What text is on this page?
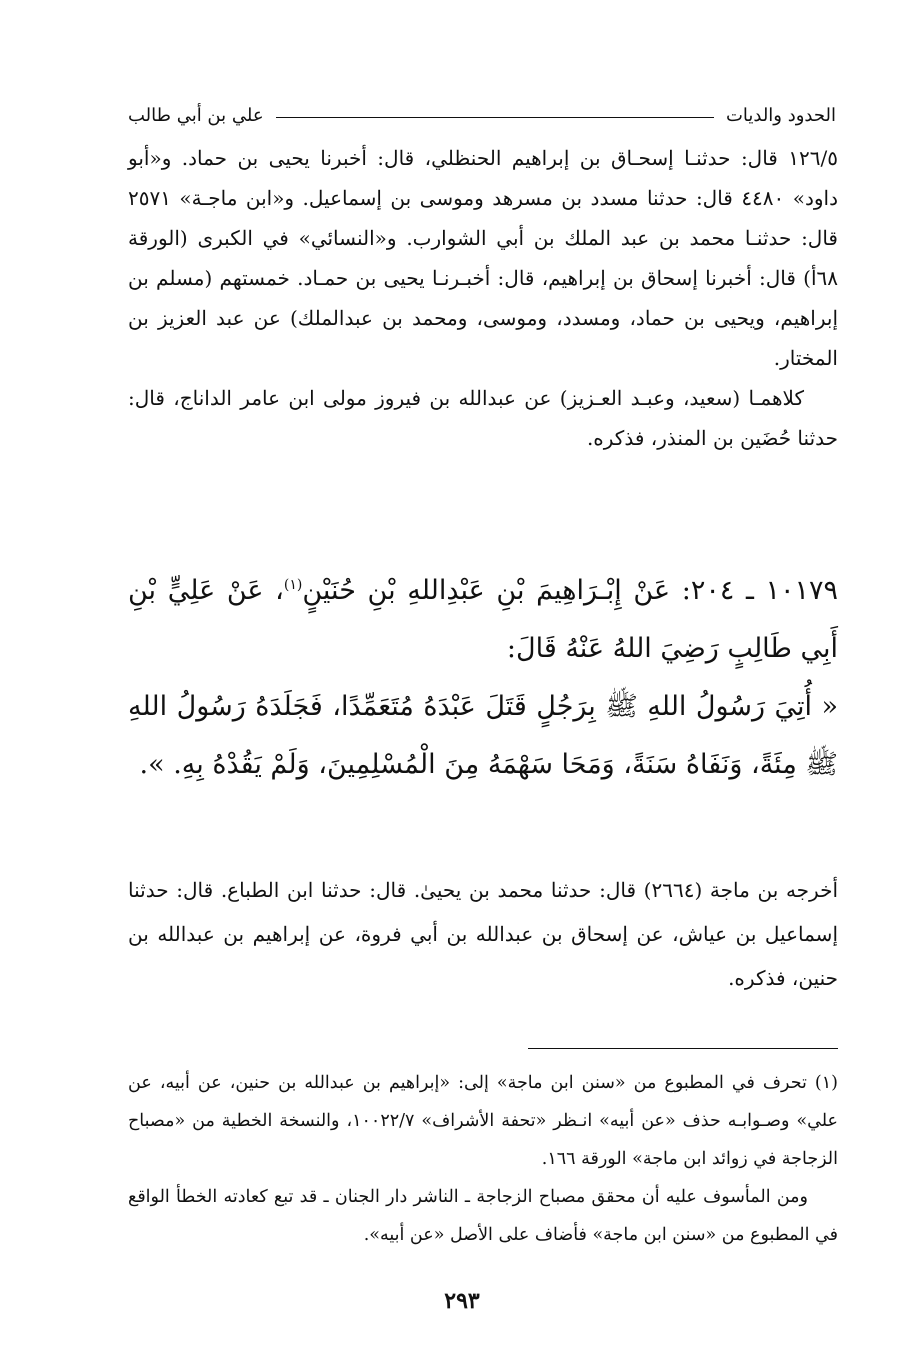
الحدود والديات
علي بن أبي طالب

١٢٦/٥ قال: حدثنـا إسحـاق بن إبراهيم الحنظلي، قال: أخبرنا يحيى بن حماد. و«أبو داود» ٤٤٨٠ قال: حدثنا مسدد بن مسرهد وموسى بن إسماعيل. و«ابن ماجـة» ٢٥٧١ قال: حدثنـا محمد بن عبد الملك بن أبي الشوارب. و«النسائي» في الكبرى (الورقة ٦٨أ) قال: أخبرنا إسحاق بن إبراهيم، قال: أخبـرنـا يحيى بن حمـاد. خمستهم (مسلم بن إبراهيم، ويحيى بن حماد، ومسدد، وموسى، ومحمد بن عبدالملك) عن عبد العزيز بن المختار.

كلاهمـا (سعيد، وعبـد العـزيز) عن عبدالله بن فيروز مولى ابن عامر الداناج، قال: حدثنا حُضَين بن المنذر، فذكره.

١٠١٧٩ ـ ٢٠٤: عَنْ إِبْـرَاهِيمَ بْنِ عَبْدِاللهِ بْنِ حُنَيْنٍ$^{(١)}$، عَنْ عَلِيٍّ بْنِ أَبِي طَالِبٍ رَضِيَ اللهُ عَنْهُ قَالَ:

« أُتِيَ رَسُولُ اللهِ ﷺ بِرَجُلٍ قَتَلَ عَبْدَهُ مُتَعَمِّدًا، فَجَلَدَهُ رَسُولُ اللهِ ﷺ مِئَةً، وَنَفَاهُ سَنَةً، وَمَحَا سَهْمَهُ مِنَ الْمُسْلِمِينَ، وَلَمْ يَقُدْهُ بِهِ. ».

أخرجه بن ماجة (٢٦٦٤) قال: حدثنا محمد بن يحيىٰ. قال: حدثنا ابن الطباع. قال: حدثنا إسماعيل بن عياش، عن إسحاق بن عبدالله بن أبي فروة، عن إبراهيم بن عبدالله بن حنين، فذكره.

(١) تحرف في المطبوع من «سنن ابن ماجة» إلى: «إبراهيم بن عبدالله بن حنين، عن أبيه، عن علي» وصـوابـه حذف «عن أبيه» انـظر «تحفة الأشراف» ١٠٠٢٢/٧، والنسخة الخطية من «مصباح الزجاجة في زوائد ابن ماجة» الورقة ١٦٦.

ومن المأسوف عليه أن محقق مصباح الزجاجة ـ الناشر دار الجنان ـ قد تبع كعادته الخطأ الواقع في المطبوع من «سنن ابن ماجة» فأضاف على الأصل «عن أبيه».

٢٩٣
